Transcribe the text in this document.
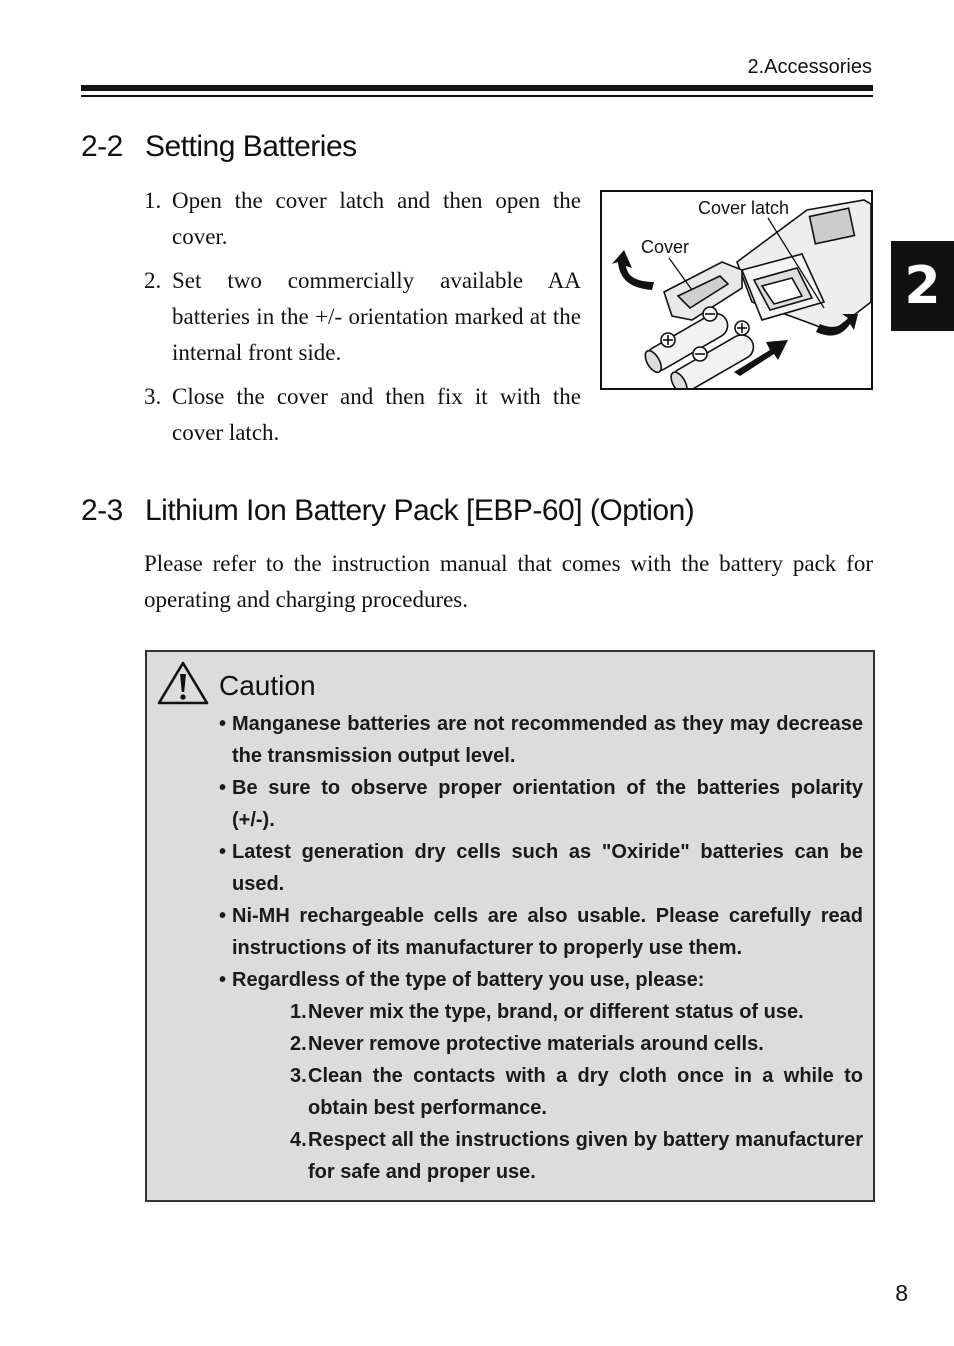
2.Accessories
2
2-2 Setting Batteries
1. Open the cover latch and then open the cover.
2. Set two commercially available AA batteries in the +/- orientation marked at the internal front side.
3. Close the cover and then fix it with the cover latch.
Cover latch
Cover
2-3 Lithium Ion Battery Pack [EBP-60] (Option)

Please refer to the instruction manual that comes with the battery pack for operating and charging procedures.

Caution
• Manganese batteries are not recommended as they may decrease the transmission output level.
• Be sure to observe proper orientation of the batteries polarity (+/-).
• Latest generation dry cells such as "Oxiride" batteries can be used.
• Ni-MH rechargeable cells are also usable. Please carefully read instructions of its manufacturer to properly use them.
• Regardless of the type of battery you use, please:
1. Never mix the type, brand, or different status of use.
2. Never remove protective materials around cells.
3. Clean the contacts with a dry cloth once in a while to obtain best performance.
4. Respect all the instructions given by battery manufacturer for safe and proper use.
8
